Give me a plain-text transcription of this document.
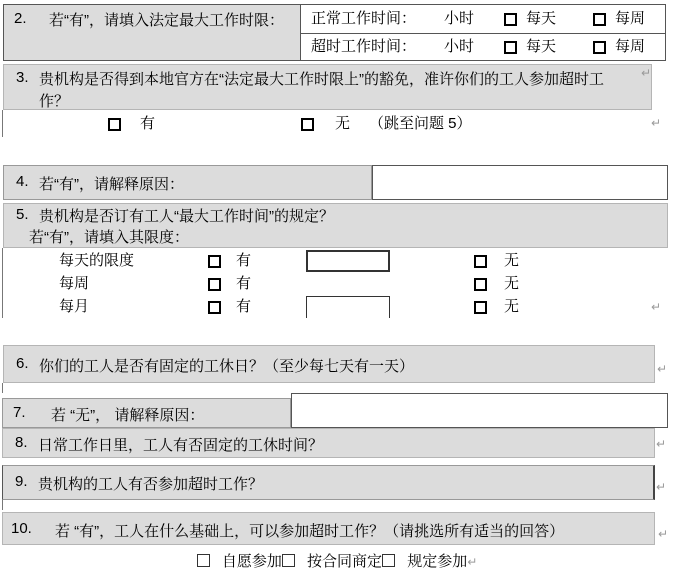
2. 若“有”，请填入法定最大工作时限：	正常工作时间： 小时	每天	每周
超时工作时间： 小时	每天	每周
3. 贵机构是否得到本地官方在“法定最大工作时限上”的豁免，准许你们的工人参加超时工作？
↵
有	无 （跳至问题 5）	↵
4. 若“有”，请解释原因：
5. 贵机构是否订有工人“最大工作时间”的规定？
若“有”，请填入其限度：
每天的限度	有	无
每周	有	无
每月	有	无	↵
6. 你们的工人是否有固定的工休日？（至少每七天有一天）	↵
7.	若 “无”， 请解释原因：
8. 日常工作日里，工人有否固定的工休时间？	↵
9. 贵机构的工人有否参加超时工作？	↵
10.	若 “有”，工人在什么基础上，可以参加超时工作？（请挑选所有适当的回答）	↵
自愿参加 按合同商定 规定参加↵
